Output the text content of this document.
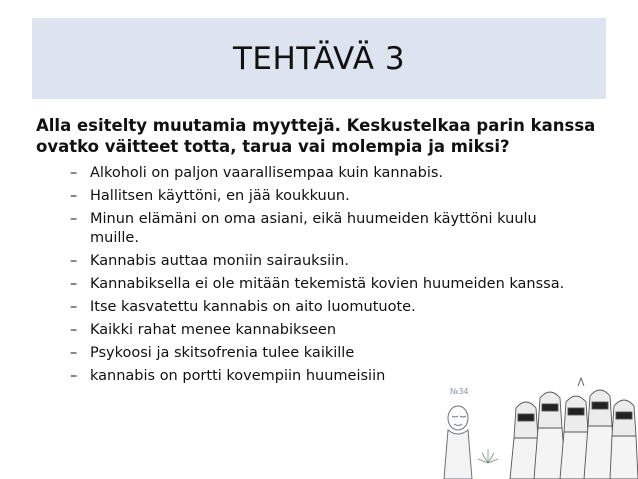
TEHTÄVÄ 3
Alla esitelty muutamia myyttejä. Keskustelkaa parin kanssa
ovatko väitteet totta, tarua vai molempia ja miksi?
– Alkoholi on paljon vaarallisempaa kuin kannabis.
– Hallitsen käyttöni, en jää koukkuun.
– Minun elämäni on oma asiani, eikä huumeiden käyttöni kuulu
muille.
– Kannabis auttaa moniin sairauksiin.
– Kannabiksella ei ole mitään tekemistä kovien huumeiden kanssa.
– Itse kasvatettu kannabis on aito luomutuote.
– Kaikki rahat menee kannabikseen
– Psykoosi ja skitsofrenia tulee kaikille
– kannabis on portti kovempiin huumeisiin
№34
